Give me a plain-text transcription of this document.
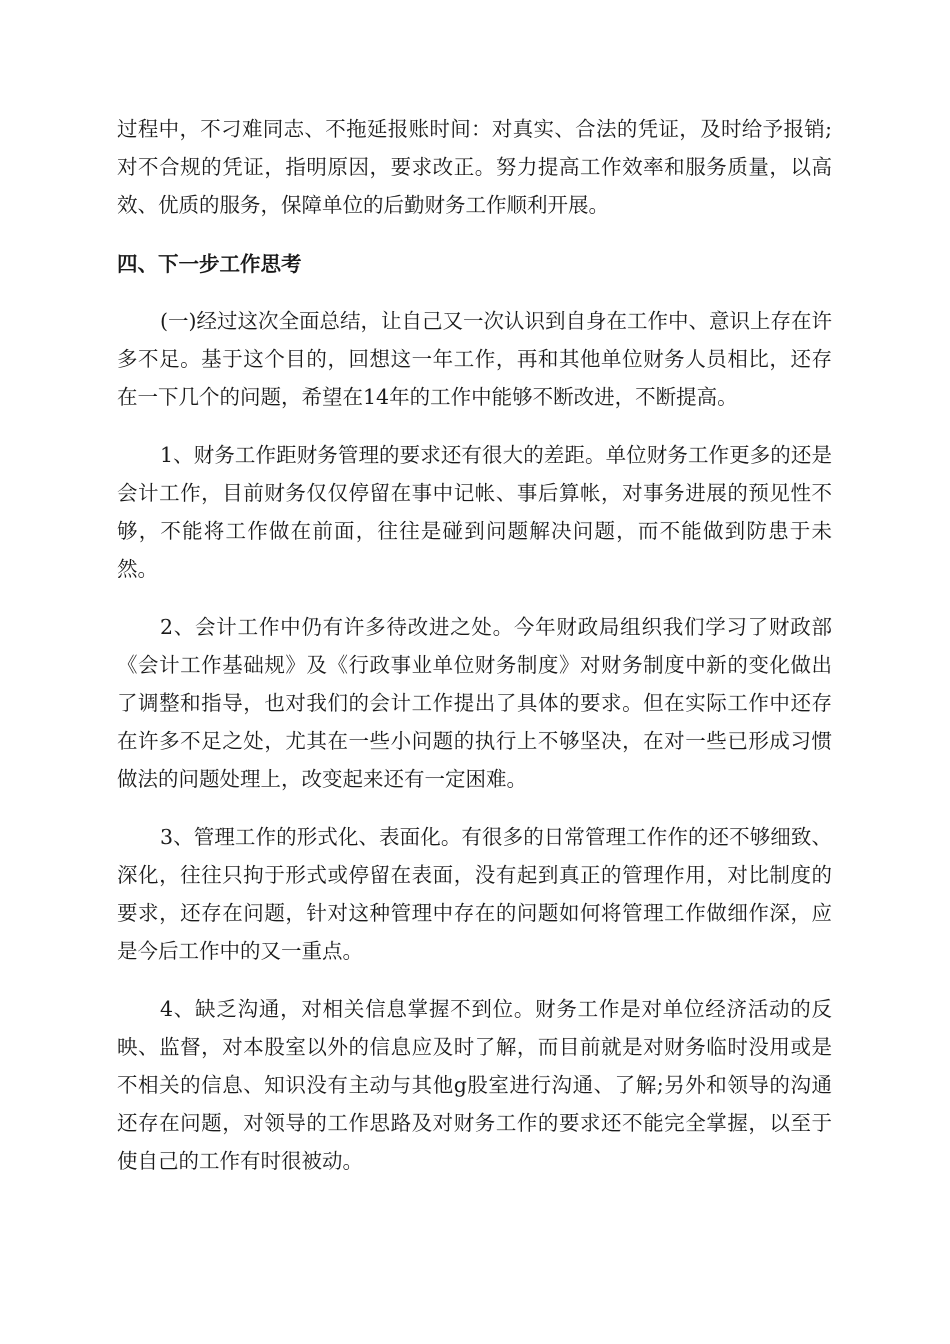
过程中，不刁难同志、不拖延报账时间：对真实、合法的凭证，及时给予报销;对不合规的凭证，指明原因，要求改正。努力提高工作效率和服务质量，以高效、优质的服务，保障单位的后勤财务工作顺利开展。

四、下一步工作思考

(一)经过这次全面总结，让自己又一次认识到自身在工作中、意识上存在许多不足。基于这个目的，回想这一年工作，再和其他单位财务人员相比，还存在一下几个的问题，希望在14年的工作中能够不断改进，不断提高。

1、财务工作距财务管理的要求还有很大的差距。单位财务工作更多的还是会计工作，目前财务仅仅停留在事中记帐、事后算帐，对事务进展的预见性不够，不能将工作做在前面，往往是碰到问题解决问题，而不能做到防患于未然。

2、会计工作中仍有许多待改进之处。今年财政局组织我们学习了财政部《会计工作基础规》及《行政事业单位财务制度》对财务制度中新的变化做出了调整和指导，也对我们的会计工作提出了具体的要求。但在实际工作中还存在许多不足之处，尤其在一些小问题的执行上不够坚决，在对一些已形成习惯做法的问题处理上，改变起来还有一定困难。

3、管理工作的形式化、表面化。有很多的日常管理工作作的还不够细致、深化，往往只拘于形式或停留在表面，没有起到真正的管理作用，对比制度的要求，还存在问题，针对这种管理中存在的问题如何将管理工作做细作深，应是今后工作中的又一重点。

4、缺乏沟通，对相关信息掌握不到位。财务工作是对单位经济活动的反映、监督，对本股室以外的信息应及时了解，而目前就是对财务临时没用或是不相关的信息、知识没有主动与其他g股室进行沟通、了解;另外和领导的沟通还存在问题，对领导的工作思路及对财务工作的要求还不能完全掌握，以至于使自己的工作有时很被动。
